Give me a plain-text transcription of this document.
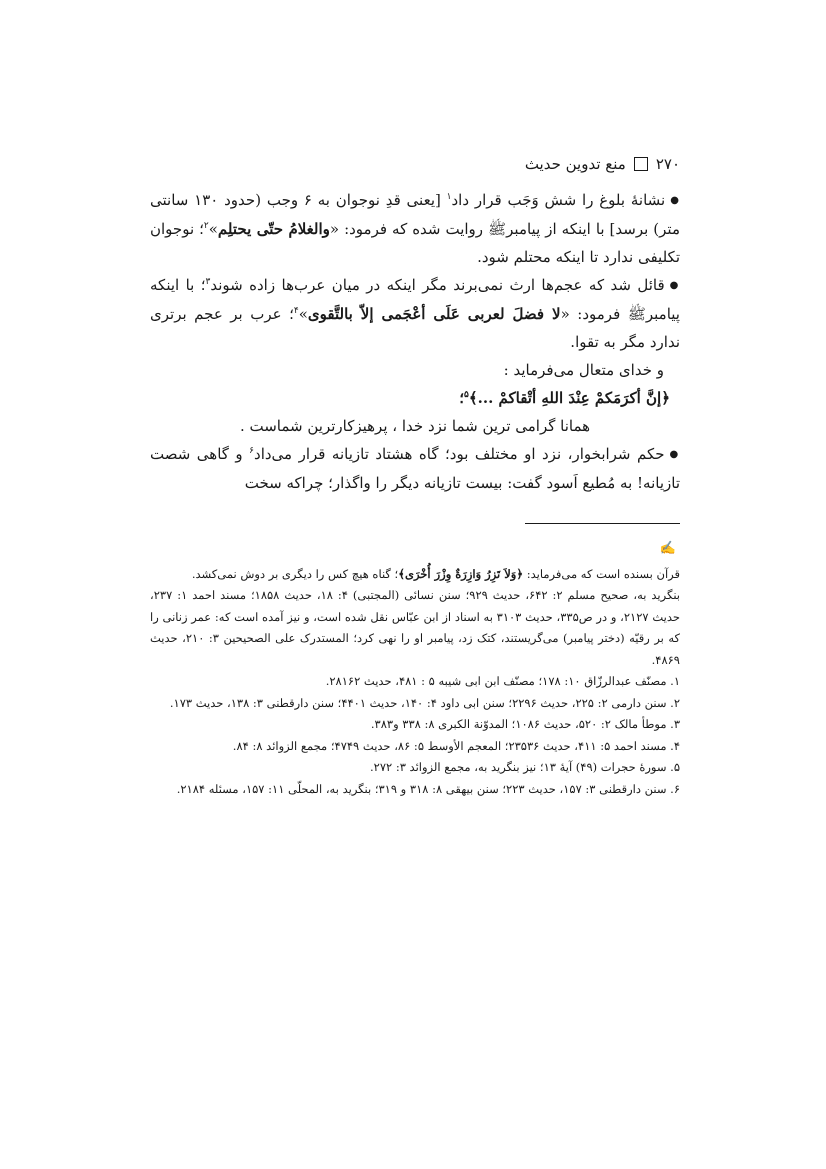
۲۷۰
منع تدوین حدیث

● نشانهٔ بلوغ را شش وَجَب قرار داد$^۱$ [یعنی قدِ نوجوان به ۶ وجب (حدود ۱۳۰ سانتی متر) برسد] با اینکه از پیامبرﷺ روایت شده که فرمود: «والغلامُ حتّی یحتلِم»$^۲$؛ نوجوان تکلیفی ندارد تا اینکه محتلم شود.

● قائل شد که عجم‌ها ارث نمی‌برند مگر اینکه در میان عرب‌ها زاده شوند$^۳$؛ با اینکه پیامبرﷺ فرمود: «لا فضلَ لعربی عَلَی أعْجَمی إلاّ بالتَّقوی»$^۴$؛ عرب بر عجم برتری ندارد مگر به تقوا.

و خدای متعال می‌فرماید :

﴿إنَّ أكرَمَكمْ عِنْدَ اللهِ أتْقاكمْ ...﴾$^۵$؛

همانا گرامی ترین شما نزد خدا ، پرهیزکارترین شماست .

● حکم شرابخوار، نزد او مختلف بود؛ گاه هشتاد تازیانه قرار می‌داد$^۶$ و گاهی شصت تازیانه! به مُطیع اَسود گفت: بیست تازیانه دیگر را واگذار؛ چراکه سخت

✍
قرآن بسنده است که می‌فرماید: ﴿وَلاَ تَزِرُ وَازِرَةٌ وِزْرَ أُخْرَى﴾؛ گناه هیچ کس را دیگری بر دوش نمی‌کشد.
بنگرید به، صحیح مسلم ۲: ۶۴۲، حدیث ۹۲۹؛ سنن نسائی (المجتبی) ۴: ۱۸، حدیث ۱۸۵۸؛ مسند احمد ۱: ۲۳۷، حدیث ۲۱۲۷، و در ص۳۳۵، حدیث ۳۱۰۳ به اسناد از ابن عبّاس نقل شده است، و نیز آمده است که: عمر زنانی را که بر رقیّه (دختر پیامبر) می‌گریستند، کتک زد، پیامبر او را نهی کرد؛ المستدرک علی الصحیحین ۳: ۲۱۰، حدیث ۴۸۶۹.
۱. مصنّف عبدالرزّاق ۱۰: ۱۷۸؛ مصنّف ابن ابی شیبه ۵ : ۴۸۱، حدیث ۲۸۱۶۲.
۲. سنن دارمی ۲: ۲۲۵، حدیث ۲۲۹۶؛ سنن ابی داود ۴: ۱۴۰، حدیث ۴۴۰۱؛ سنن دارقطنی ۳: ۱۳۸، حدیث ۱۷۳.
۳. موطأ مالک ۲: ۵۲۰، حدیث ۱۰۸۶؛ المدوّنة الکبری ۸: ۳۳۸ و۳۸۳.
۴. مسند احمد ۵: ۴۱۱، حدیث ۲۳۵۳۶؛ المعجم الأوسط ۵: ۸۶، حدیث ۴۷۴۹؛ مجمع الزوائد ۸: ۸۴.
۵. سورهٔ حجرات (۴۹) آیهٔ ۱۳؛ نیز بنگرید به، مجمع الزوائد ۳: ۲۷۲.
۶. سنن دارقطنی ۳: ۱۵۷، حدیث ۲۲۳؛ سنن بیهقی ۸: ۳۱۸ و ۳۱۹؛ بنگرید به، المحلّی ۱۱: ۱۵۷، مسئله ۲۱۸۴.
